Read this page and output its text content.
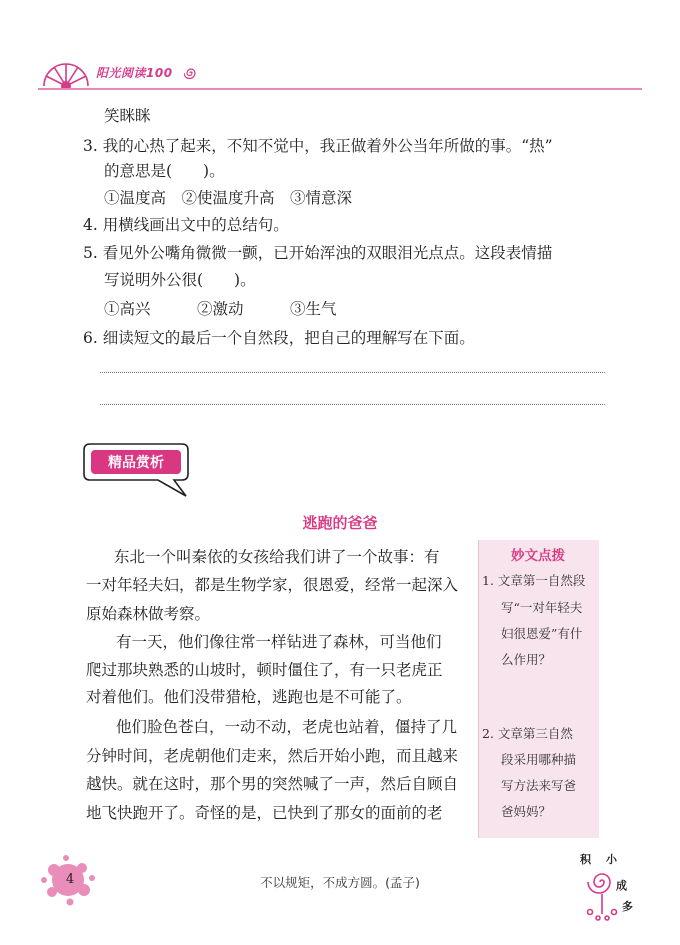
阳光阅读100
笑眯眯
3. 我的心热了起来，不知不觉中，我正做着外公当年所做的事。“热”
的意思是(　　)。
①温度高　②使温度升高　③情意深
4. 用横线画出文中的总结句。
5. 看见外公嘴角微微一颤，已开始浑浊的双眼泪光点点。这段表情描
写说明外公很(　　)。
①高兴　　　②激动　　　③生气
6. 细读短文的最后一个自然段，把自己的理解写在下面。
精品赏析
逃跑的爸爸
东北一个叫秦依的女孩给我们讲了一个故事：有
一对年轻夫妇，都是生物学家，很恩爱，经常一起深入
原始森林做考察。
有一天，他们像往常一样钻进了森林，可当他们
爬过那块熟悉的山坡时，顿时僵住了，有一只老虎正
对着他们。他们没带猎枪，逃跑也是不可能了。
他们脸色苍白，一动不动，老虎也站着，僵持了几
分钟时间，老虎朝他们走来，然后开始小跑，而且越来
越快。就在这时，那个男的突然喊了一声，然后自顾自
地飞快跑开了。奇怪的是，已快到了那女的面前的老
妙文点拨
1. 文章第一自然段
写“一对年轻夫
妇很恩爱”有什
么作用？
2. 文章第三自然
段采用哪种描
写方法来写爸
爸妈妈？
4	不以规矩，不成方圆。(孟子)
积 小
成
多
